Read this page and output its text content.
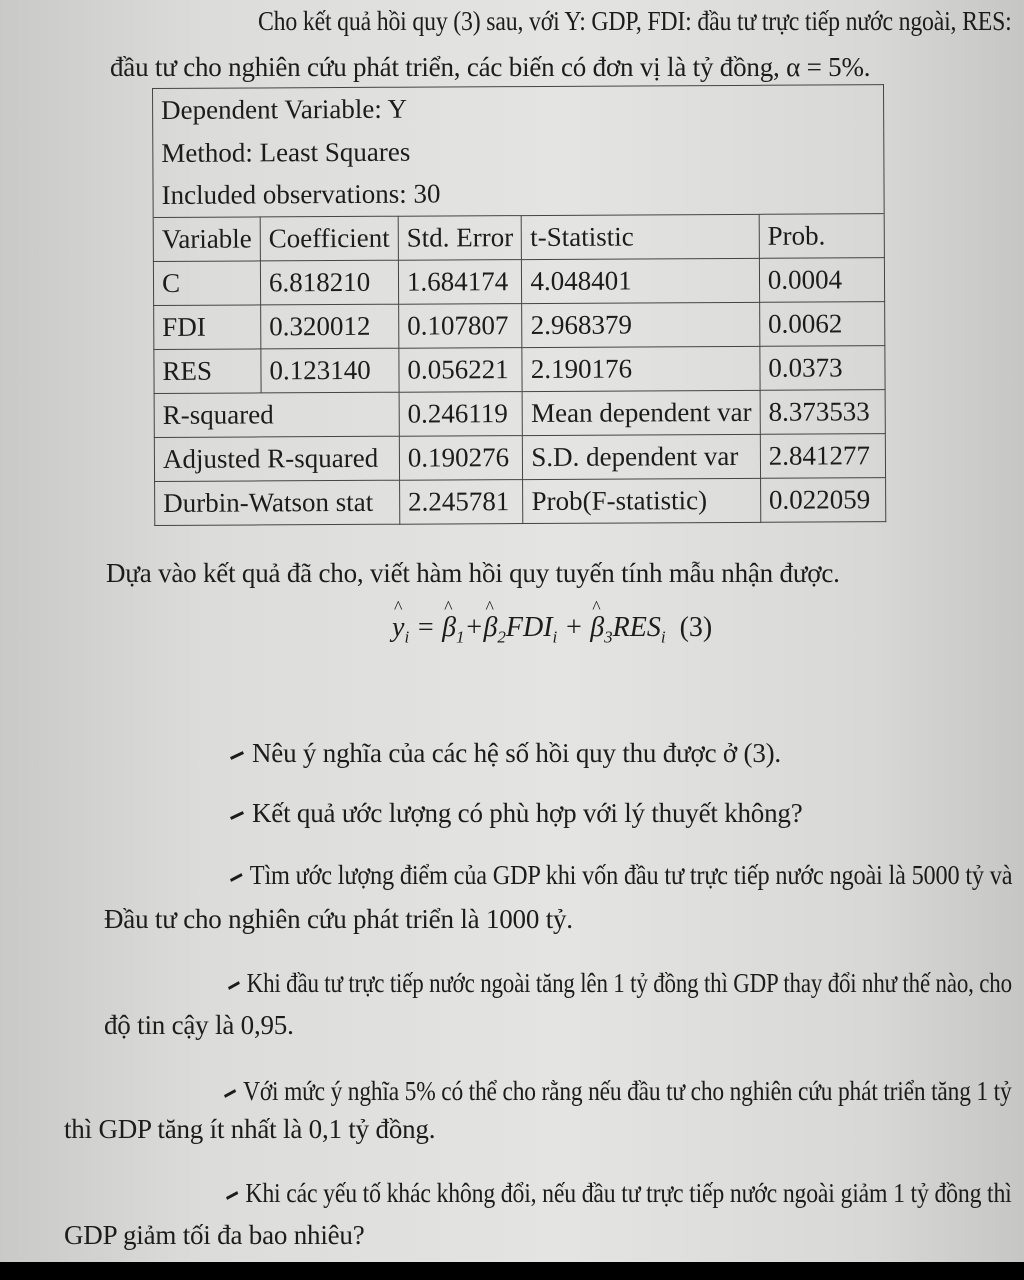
Cho kết quả hồi quy (3) sau, với Y: GDP, FDI: đầu tư trực tiếp nước ngoài, RES:
đầu tư cho nghiên cứu phát triển, các biến có đơn vị là tỷ đồng, α = 5%.
Dependent Variable: Y				
Method: Least Squares				
Included observations: 30				
Variable	Coefficient	Std. Error	t-Statistic	Prob.
C	6.818210	1.684174	4.048401	0.0004
FDI	0.320012	0.107807	2.968379	0.0062
RES	0.123140	0.056221	2.190176	0.0373
R-squared		0.246119	Mean dependent var	8.373533
Adjusted R-squared		0.190276	S.D. dependent var	2.841277
Durbin-Watson stat		2.245781	Prob(F-statistic)	0.022059
Dựa vào kết quả đã cho, viết hàm hồi quy tuyến tính mẫu nhận được.
^ $y_i$ = ^ $\beta_1+\^{}$ $\beta_2FDI_i$ + ^ $\beta_3RES_i$ (3)
Nêu ý nghĩa của các hệ số hồi quy thu được ở (3).
Kết quả ước lượng có phù hợp với lý thuyết không?
Tìm ước lượng điểm của GDP khi vốn đầu tư trực tiếp nước ngoài là 5000 tỷ và
Đầu tư cho nghiên cứu phát triển là 1000 tỷ.
Khi đầu tư trực tiếp nước ngoài tăng lên 1 tỷ đồng thì GDP thay đổi như thế nào, cho
độ tin cậy là 0,95.
Với mức ý nghĩa 5% có thể cho rằng nếu đầu tư cho nghiên cứu phát triển tăng 1 tỷ
thì GDP tăng ít nhất là 0,1 tỷ đồng.
Khi các yếu tố khác không đổi, nếu đầu tư trực tiếp nước ngoài giảm 1 tỷ đồng thì
GDP giảm tối đa bao nhiêu?
